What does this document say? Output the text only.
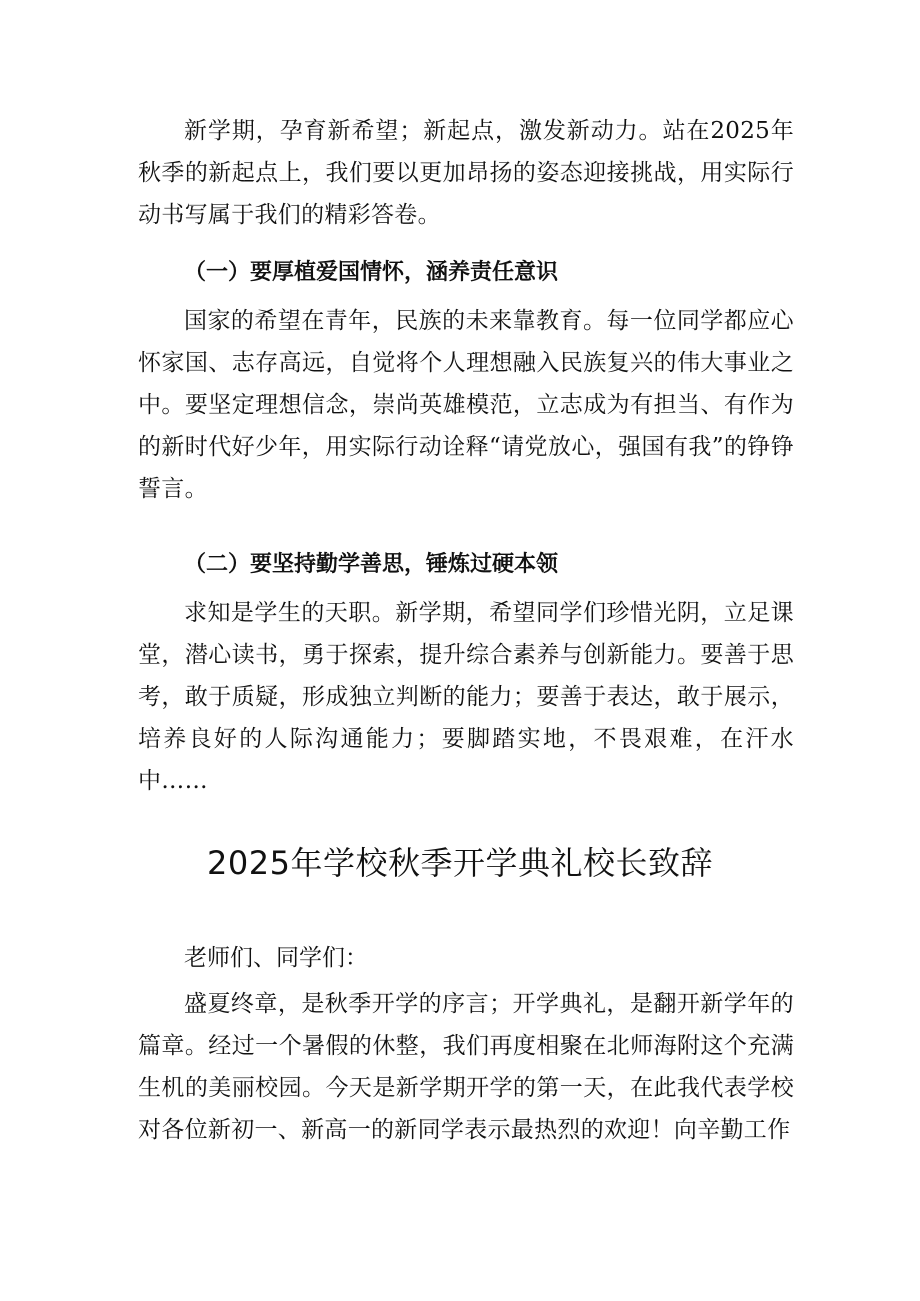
新学期，孕育新希望；新起点，激发新动力。站在2025年秋季的新起点上，我们要以更加昂扬的姿态迎接挑战，用实际行动书写属于我们的精彩答卷。

（一）要厚植爱国情怀，涵养责任意识

国家的希望在青年，民族的未来靠教育。每一位同学都应心怀家国、志存高远，自觉将个人理想融入民族复兴的伟大事业之中。要坚定理想信念，崇尚英雄模范，立志成为有担当、有作为的新时代好少年，用实际行动诠释“请党放心，强国有我”的铮铮誓言。

（二）要坚持勤学善思，锤炼过硬本领

求知是学生的天职。新学期，希望同学们珍惜光阴，立足课堂，潜心读书，勇于探索，提升综合素养与创新能力。要善于思考，敢于质疑，形成独立判断的能力；要善于表达，敢于展示，培养良好的人际沟通能力；要脚踏实地，不畏艰难，在汗水中……

2025年学校秋季开学典礼校长致辞

老师们、同学们：

盛夏终章，是秋季开学的序言；开学典礼，是翻开新学年的篇章。经过一个暑假的休整，我们再度相聚在北师海附这个充满生机的美丽校园。今天是新学期开学的第一天，在此我代表学校对各位新初一、新高一的新同学表示最热烈的欢迎！向辛勤工作
